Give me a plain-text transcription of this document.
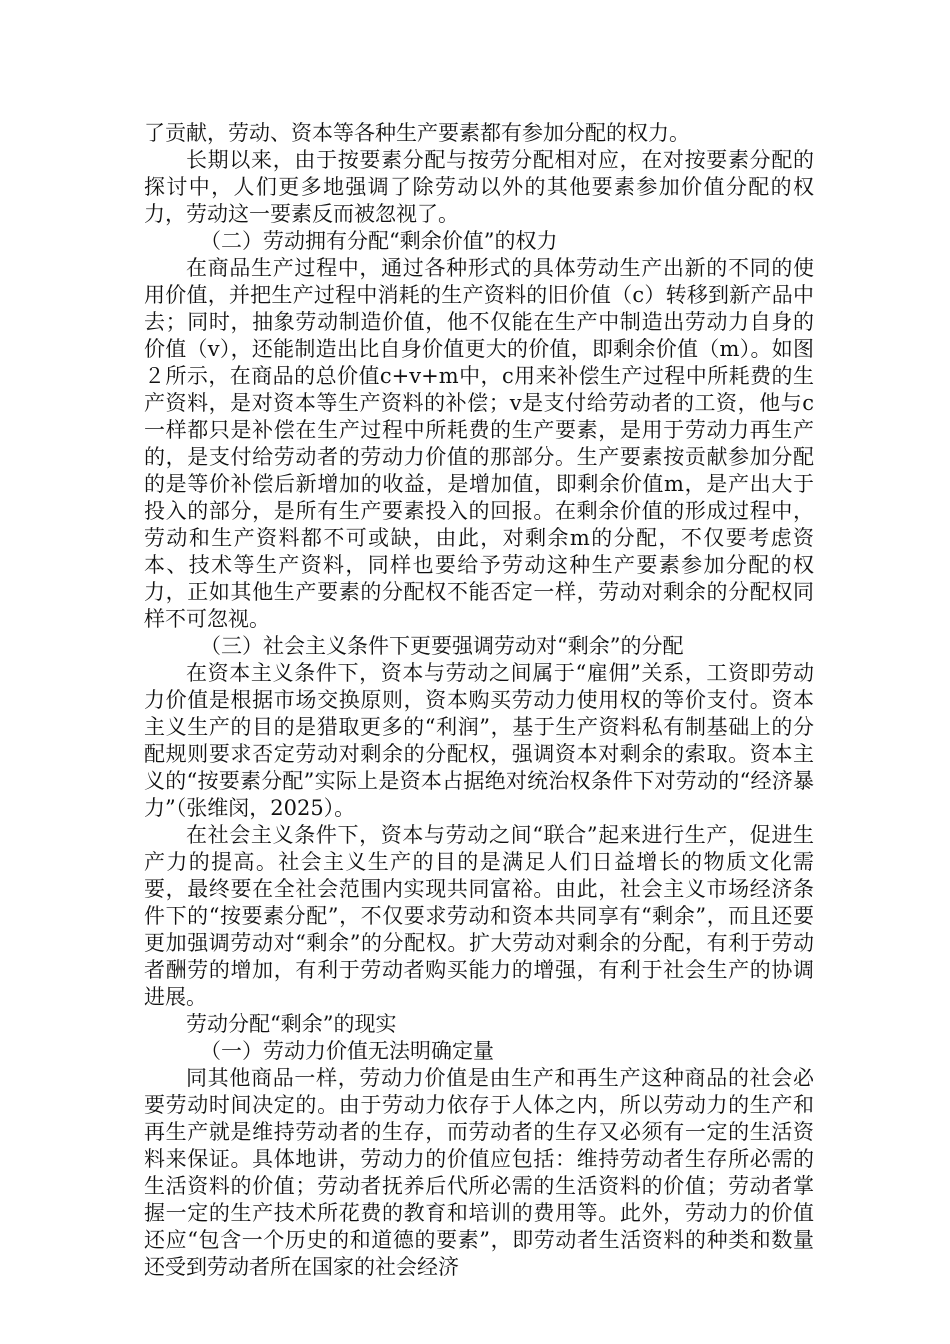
了贡献，劳动、资本等各种生产要素都有参加分配的权力。

长期以来，由于按要素分配与按劳分配相对应，在对按要素分配的探讨中，人们更多地强调了除劳动以外的其他要素参加价值分配的权力，劳动这一要素反而被忽视了。

（二）劳动拥有分配“剩余价值”的权力

在商品生产过程中，通过各种形式的具体劳动生产出新的不同的使用价值，并把生产过程中消耗的生产资料的旧价值（c）转移到新产品中去；同时，抽象劳动制造价值，他不仅能在生产中制造出劳动力自身的价值（v），还能制造出比自身价值更大的价值，即剩余价值（m）。如图２所示，在商品的总价值c+v+m中，c用来补偿生产过程中所耗费的生产资料，是对资本等生产资料的补偿；v是支付给劳动者的工资，他与c一样都只是补偿在生产过程中所耗费的生产要素，是用于劳动力再生产的，是支付给劳动者的劳动力价值的那部分。生产要素按贡献参加分配的是等价补偿后新增加的收益，是增加值，即剩余价值m，是产出大于投入的部分，是所有生产要素投入的回报。在剩余价值的形成过程中，劳动和生产资料都不可或缺，由此，对剩余m的分配，不仅要考虑资本、技术等生产资料，同样也要给予劳动这种生产要素参加分配的权力，正如其他生产要素的分配权不能否定一样，劳动对剩余的分配权同样不可忽视。

（三）社会主义条件下更要强调劳动对“剩余”的分配

在资本主义条件下，资本与劳动之间属于“雇佣”关系，工资即劳动力价值是根据市场交换原则，资本购买劳动力使用权的等价支付。资本主义生产的目的是猎取更多的“利润”，基于生产资料私有制基础上的分配规则要求否定劳动对剩余的分配权，强调资本对剩余的索取。资本主义的“按要素分配”实际上是资本占据绝对统治权条件下对劳动的“经济暴力”（张维闵，2025）。

在社会主义条件下，资本与劳动之间“联合”起来进行生产，促进生产力的提高。社会主义生产的目的是满足人们日益增长的物质文化需要，最终要在全社会范围内实现共同富裕。由此，社会主义市场经济条件下的“按要素分配”，不仅要求劳动和资本共同享有“剩余”，而且还要更加强调劳动对“剩余”的分配权。扩大劳动对剩余的分配，有利于劳动者酬劳的增加，有利于劳动者购买能力的增强，有利于社会生产的协调进展。

劳动分配“剩余”的现实

（一）劳动力价值无法明确定量

同其他商品一样，劳动力价值是由生产和再生产这种商品的社会必要劳动时间决定的。由于劳动力依存于人体之内，所以劳动力的生产和再生产就是维持劳动者的生存，而劳动者的生存又必须有一定的生活资料来保证。具体地讲，劳动力的价值应包括：维持劳动者生存所必需的生活资料的价值；劳动者抚养后代所必需的生活资料的价值；劳动者掌握一定的生产技术所花费的教育和培训的费用等。此外，劳动力的价值还应“包含一个历史的和道德的要素”，即劳动者生活资料的种类和数量还受到劳动者所在国家的社会经济
